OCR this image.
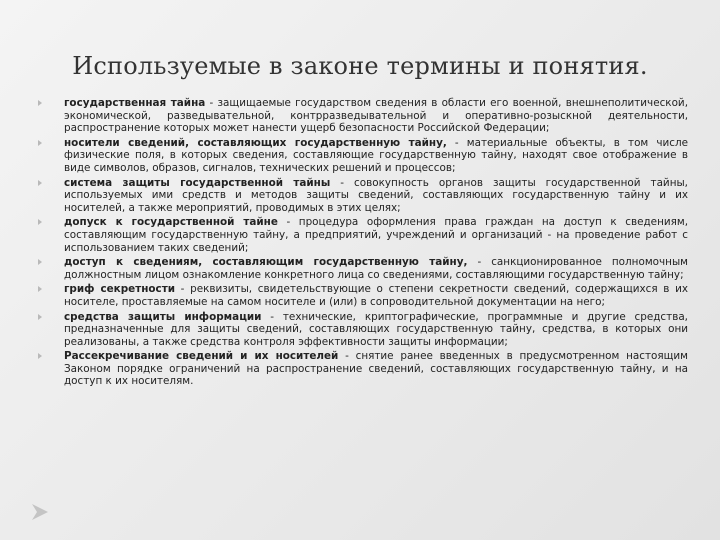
Используемые в законе термины и понятия.
государственная тайна - защищаемые государством сведения в области его военной, внешнеполитической, экономической, разведывательной, контрразведывательной и оперативно-розыскной деятельности, распространение которых может нанести ущерб безопасности Российской Федерации;
носители сведений, составляющих государственную тайну, - материальные объекты, в том числе физические поля, в которых сведения, составляющие государственную тайну, находят свое отображение в виде символов, образов, сигналов, технических решений и процессов;
система защиты государственной тайны - совокупность органов защиты государственной тайны, используемых ими средств и методов защиты сведений, составляющих государственную тайну и их носителей, а также мероприятий, проводимых в этих целях;
допуск к государственной тайне - процедура оформления права граждан на доступ к сведениям, составляющим государственную тайну, а предприятий, учреждений и организаций - на проведение работ с использованием таких сведений;
доступ к сведениям, составляющим государственную тайну, - санкционированное полномочным должностным лицом ознакомление конкретного лица со сведениями, составляющими государственную тайну;
гриф секретности - реквизиты, свидетельствующие о степени секретности сведений, содержащихся в их носителе, проставляемые на самом носителе и (или) в сопроводительной документации на него;
средства защиты информации - технические, криптографические, программные и другие средства, предназначенные для защиты сведений, составляющих государственную тайну, средства, в которых они реализованы, а также средства контроля эффективности защиты информации;
Рассекречивание сведений и их носителей - снятие ранее введенных в предусмотренном настоящим Законом порядке ограничений на распространение сведений, составляющих государственную тайну, и на доступ к их носителям.
